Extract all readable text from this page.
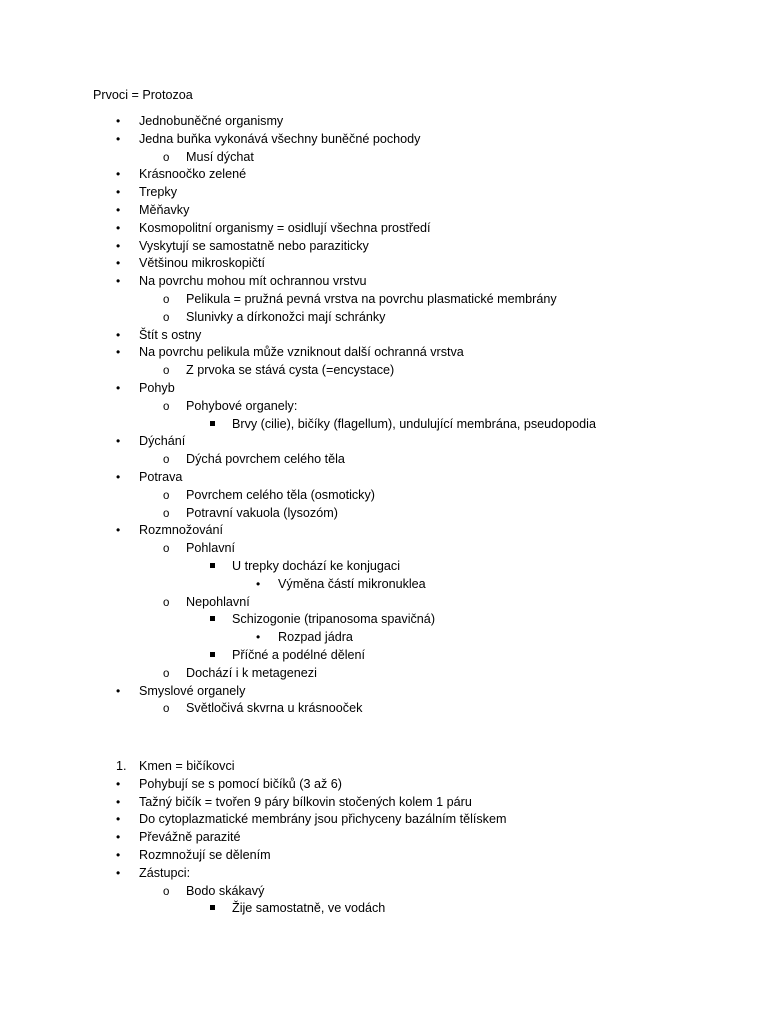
Prvoci = Protozoa
•
Jednobuněčné organismy
•
Jedna buňka vykonává všechny buněčné pochody
o
Musí dýchat
•
Krásnoočko zelené
•
Trepky
•
Měňavky
•
Kosmopolitní organismy = osidlují všechna prostředí
•
Vyskytují se samostatně nebo paraziticky
•
Většinou mikroskopičtí
•
Na povrchu mohou mít ochrannou vrstvu
o
Pelikula = pružná pevná vrstva na povrchu plasmatické membrány
o
Slunivky a dírkonožci mají schránky
•
Štít s ostny
•
Na povrchu pelikula může vzniknout další ochranná vrstva
o
Z prvoka se stává cysta (=encystace)
•
Pohyb
o
Pohybové organely:
Brvy (cilie), bičíky (flagellum), undulující membrána, pseudopodia
•
Dýchání
o
Dýchá povrchem celého těla
•
Potrava
o
Povrchem celého těla (osmoticky)
o
Potravní vakuola (lysozóm)
•
Rozmnožování
o
Pohlavní
U trepky dochází ke konjugaci
•
Výměna částí mikronuklea
o
Nepohlavní
Schizogonie (tripanosoma spavičná)
•
Rozpad jádra
Příčné a podélné dělení
o
Dochází i k metagenezi
•
Smyslové organely
o
Světločivá skvrna u krásnooček
1. Kmen = bičíkovci
•
Pohybují se s pomocí bičíků (3 až 6)
•
Tažný bičík = tvořen 9 páry bílkovin stočených kolem 1 páru
•
Do cytoplazmatické membrány jsou přichyceny bazálním tělískem
•
Převážně parazité
•
Rozmnožují se dělením
•
Zástupci:
o
Bodo skákavý
Žije samostatně, ve vodách
